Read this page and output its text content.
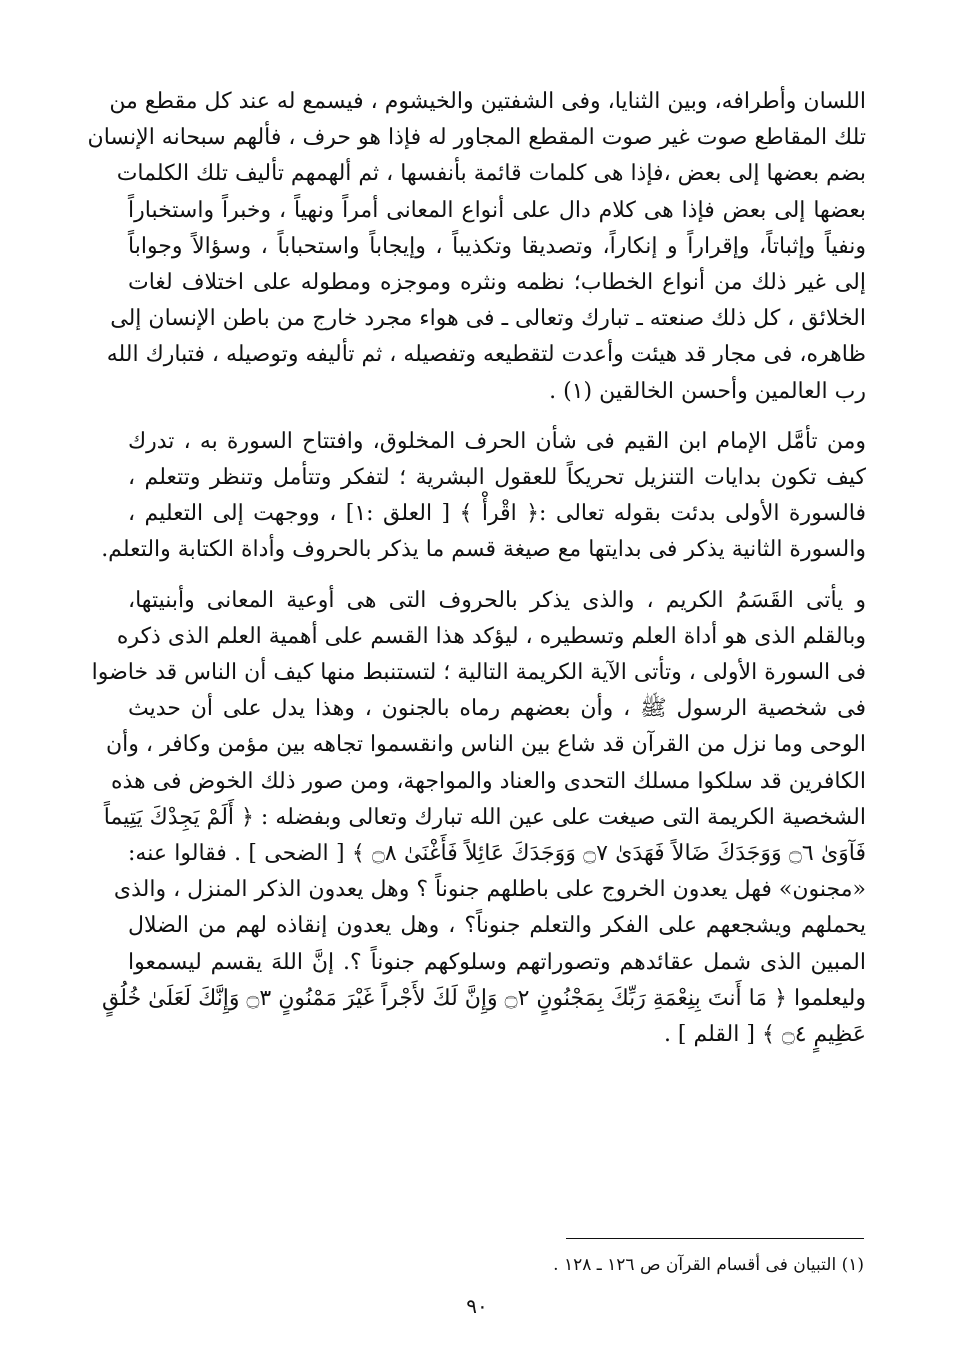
اللسان وأطرافه، وبين الثنايا، وفى الشفتين والخيشوم ، فيسمع له عند كل مقطع من
تلك المقاطع صوت غير صوت المقطع المجاور له فإذا هو حرف ، فألهم سبحانه الإنسان
بضم بعضها إلى بعض ،فإذا هى كلمات قائمة بأنفسها ، ثم ألهمهم تأليف تلك الكلمات
بعضها إلى بعض فإذا هى كلام دال على أنواع المعانى أمراً ونهياً ، وخبراً واستخباراً
ونفياً وإثباتاً، وإقراراً و إنكاراً، وتصديقا وتكذيباً ، وإيجاباً واستحباباً ، وسؤالاً وجواباً
إلى غير ذلك من أنواع الخطاب؛ نظمه ونثره وموجزه ومطوله على اختلاف لغات
الخلائق ، كل ذلك صنعته ـ تبارك وتعالى ـ فى هواء مجرد خارج من باطن الإنسان إلى
ظاهره، فى مجار قد هيئت وأعدت لتقطيعه وتفصيله ، ثم تأليفه وتوصيله ، فتبارك الله
رب العالمين وأحسن الخالقين (١) .

ومن تأمَّل الإمام ابن القيم فى شأن الحرف المخلوق، وافتتاح السورة به ، تدرك
كيف تكون بدايات التنزيل تحريكاً للعقول البشرية ؛ لتفكر وتتأمل وتنظر وتتعلم ،
فالسورة الأولى بدئت بقوله تعالى :﴿ اقْرأْ ﴾ [ العلق :١] ، ووجهت إلى التعليم ،
والسورة الثانية يذكر فى بدايتها مع صيغة قسم ما يذكر بالحروف وأداة الكتابة والتعلم.

و يأتى القَسَمُ الكريم ، والذى يذكر بالحروف التى هى أوعية المعانى وأبنيتها،
وبالقلم الذى هو أداة العلم وتسطيره ، ليؤكد هذا القسم على أهمية العلم الذى ذكره
فى السورة الأولى ، وتأتى الآية الكريمة التالية ؛ لتستنبط منها كيف أن الناس قد خاضوا
فى شخصية الرسول ﷺ ، وأن بعضهم رماه بالجنون ، وهذا يدل على أن حديث
الوحى وما نزل من القرآن قد شاع بين الناس وانقسموا تجاهه بين مؤمن وكافر ، وأن
الكافرين قد سلكوا مسلك التحدى والعناد والمواجهة، ومن صور ذلك الخوض فى هذه
الشخصية الكريمة التى صيغت على عين الله تبارك وتعالى وبفضله : ﴿ أَلَمْ يَجِدْكَ يَتِيماً
فَآوَىٰ ۝٦ وَوَجَدَكَ ضَالاً فَهَدَىٰ ۝٧ وَوَجَدَكَ عَائِلاً فَأَغْنَىٰ ۝٨ ﴾ [ الضحى ] . فقالوا عنه:
«مجنون» فهل يعدون الخروج على باطلهم جنوناً ؟ وهل يعدون الذكر المنزل ، والذى
يحملهم ويشجعهم على الفكر والتعلم جنوناً؟ ، وهل يعدون إنقاذه لهم من الضلال
المبين الذى شمل عقائدهم وتصوراتهم وسلوكهم جنوناً ؟. إنَّ اللهَ يقسم ليسمعوا
وليعلموا ﴿ مَا أَنتَ بِنِعْمَةِ رَبِّكَ بِمَجْنُونٍ ۝٢ وَإِنَّ لَكَ لأَجْراً غَيْرَ مَمْنُونٍ ۝٣ وَإِنَّكَ لَعَلَىٰ خُلُقٍ
عَظِيمٍ ۝٤ ﴾ [ القلم ] .

(١) التبيان فى أقسام القرآن ص ١٢٦ ـ ١٢٨ .
٩٠
